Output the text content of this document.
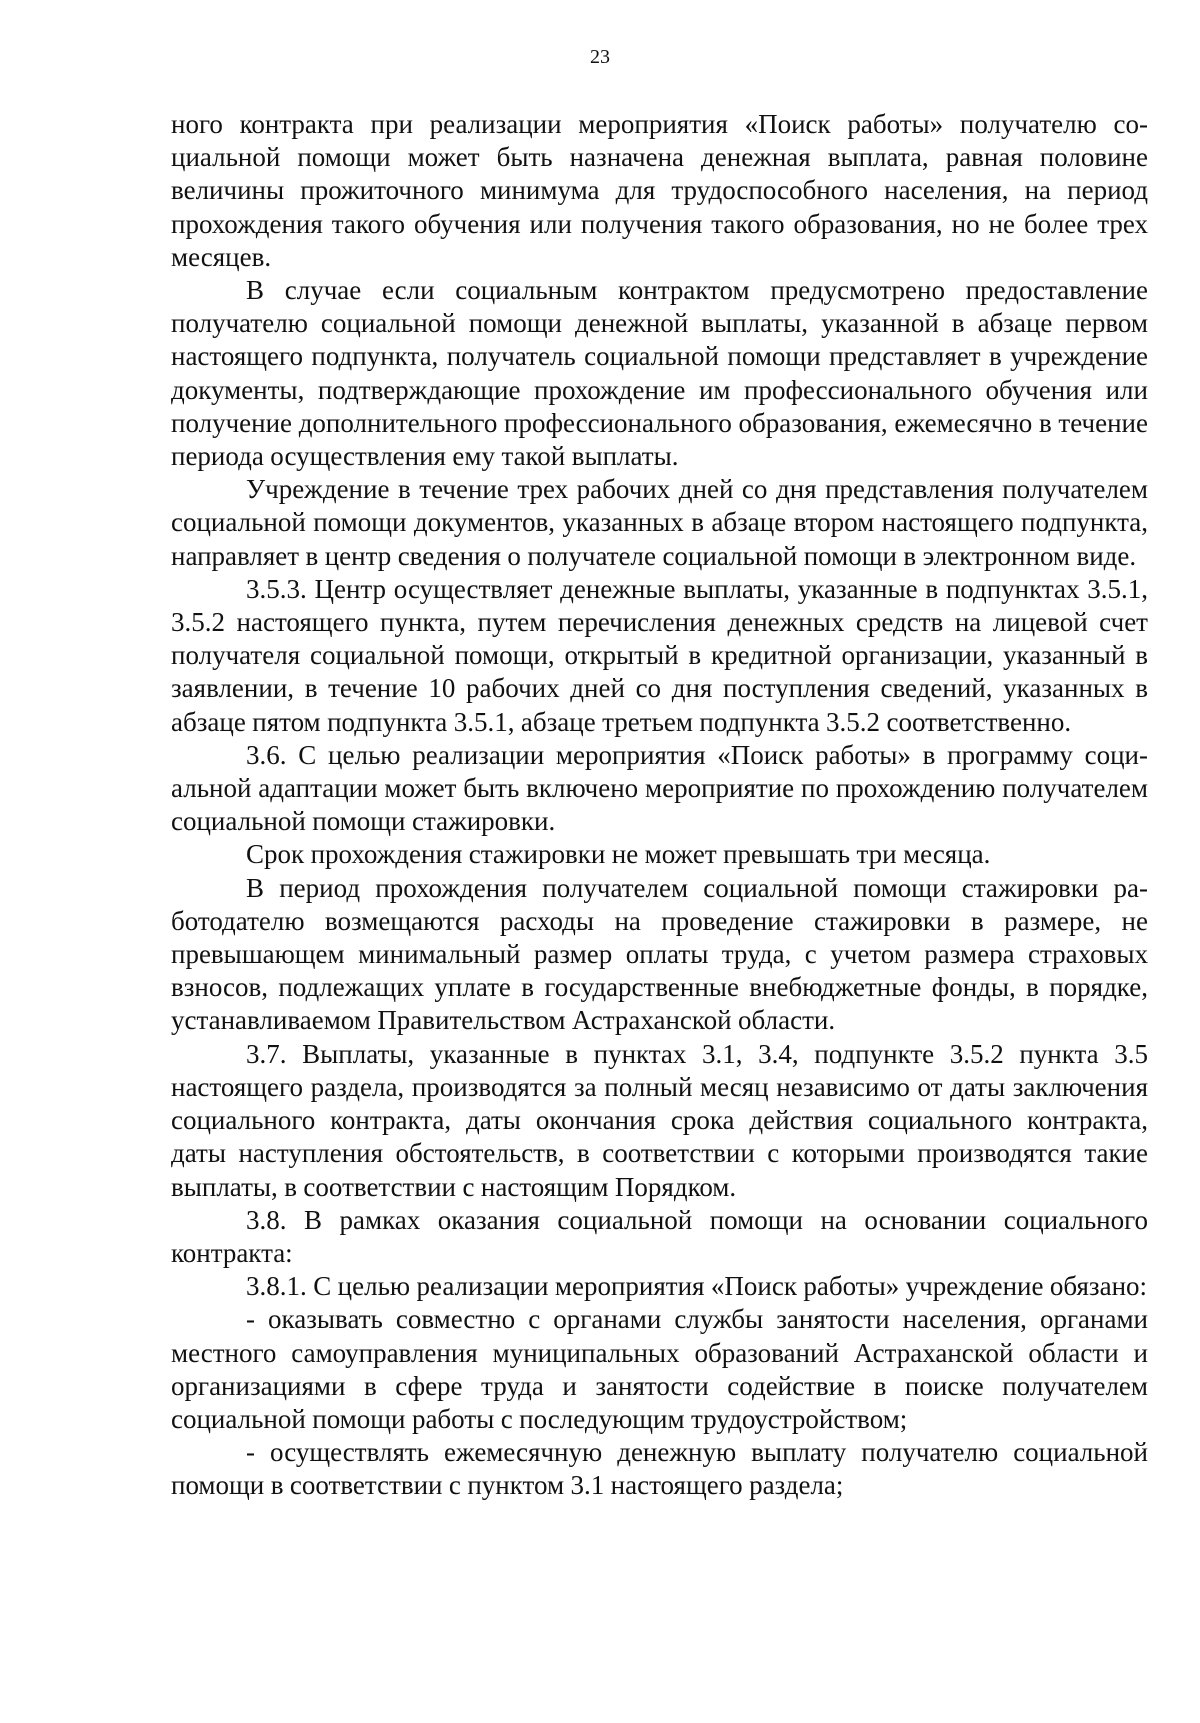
23

ного контракта при реализации мероприятия «Поиск работы» получателю социальной помощи может быть назначена денежная выплата, равная половине величины прожиточного минимума для трудоспособного населения, на период прохождения такого обучения или получения такого образования, но не более трех месяцев.

В случае если социальным контрактом предусмотрено предоставление получателю социальной помощи денежной выплаты, указанной в абзаце первом настоящего подпункта, получатель социальной помощи представляет в учреждение документы, подтверждающие прохождение им профессионального обучения или получение дополнительного профессионального образования, ежемесячно в течение периода осуществления ему такой выплаты.

Учреждение в течение трех рабочих дней со дня представления получателем социальной помощи документов, указанных в абзаце втором настоящего подпункта, направляет в центр сведения о получателе социальной помощи в электронном виде.

3.5.3. Центр осуществляет денежные выплаты, указанные в подпунктах 3.5.1, 3.5.2 настоящего пункта, путем перечисления денежных средств на лицевой счет получателя социальной помощи, открытый в кредитной организации, указанный в заявлении, в течение 10 рабочих дней со дня поступления сведений, указанных в абзаце пятом подпункта 3.5.1, абзаце третьем подпункта 3.5.2 соответственно.

3.6. С целью реализации мероприятия «Поиск работы» в программу социальной адаптации может быть включено мероприятие по прохождению получателем социальной помощи стажировки.

Срок прохождения стажировки не может превышать три месяца.

В период прохождения получателем социальной помощи стажировки работодателю возмещаются расходы на проведение стажировки в размере, не превышающем минимальный размер оплаты труда, с учетом размера страховых взносов, подлежащих уплате в государственные внебюджетные фонды, в порядке, устанавливаемом Правительством Астраханской области.

3.7. Выплаты, указанные в пунктах 3.1, 3.4, подпункте 3.5.2 пункта 3.5 настоящего раздела, производятся за полный месяц независимо от даты заключения социального контракта, даты окончания срока действия социального контракта, даты наступления обстоятельств, в соответствии с которыми производятся такие выплаты, в соответствии с настоящим Порядком.

3.8. В рамках оказания социальной помощи на основании социального контракта:

3.8.1. С целью реализации мероприятия «Поиск работы» учреждение обязано:

- оказывать совместно с органами службы занятости населения, органами местного самоуправления муниципальных образований Астраханской области и организациями в сфере труда и занятости содействие в поиске получателем социальной помощи работы с последующим трудоустройством;

- осуществлять ежемесячную денежную выплату получателю социальной помощи в соответствии с пунктом 3.1 настоящего раздела;
